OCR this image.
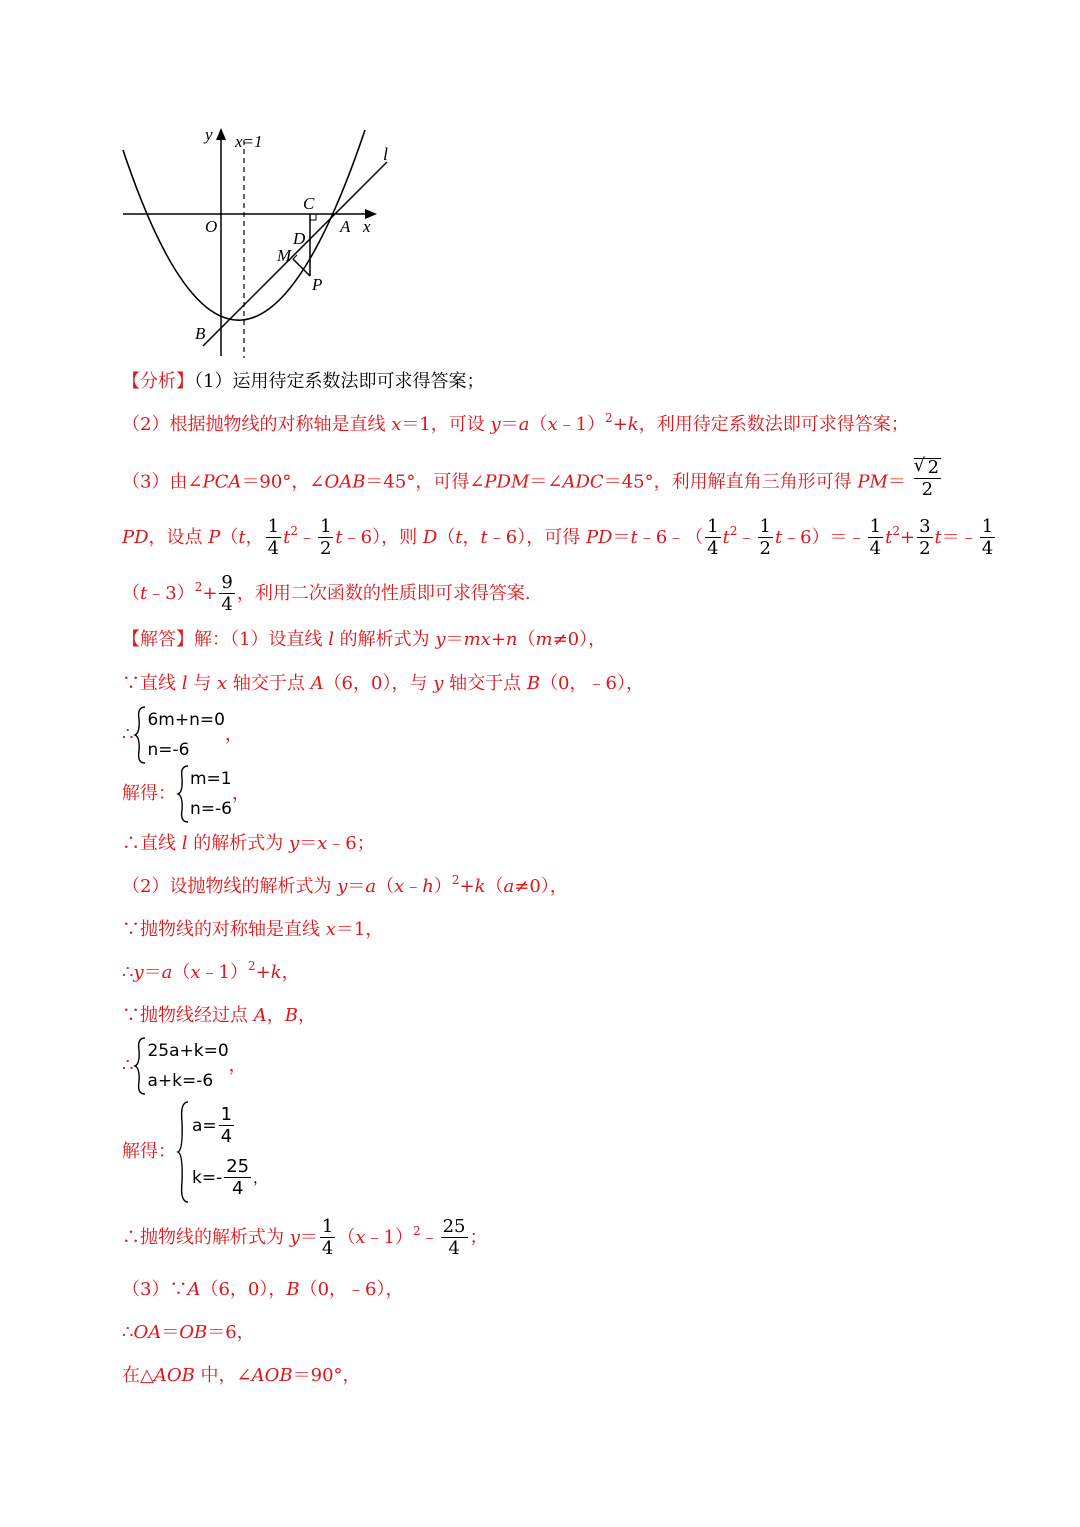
y x=1
l
C
O	A x
D
M
P
B
【分析】（1）运用待定系数法即可求得答案；
（2）根据抛物线的对称轴是直线 x＝1，可设 y＝a（x﹣1）$^2$+k，利用待定系数法即可求得答案；
（3）由∠PCA＝90°，∠OAB＝45°，可得∠PDM＝∠ADC＝45°，利用解直角三角形可得 $PM= \frac{√ 2}{2}$
PD，设点 P（t， $\frac{1}{4}$ $t^2﹣ \frac{1}{2}$ t﹣6），则 D（t，t﹣6），可得 PD＝t﹣6﹣（ $\frac{1}{4}$ $t^2﹣ \frac{1}{2}$ t﹣6）＝﹣ $\frac{1}{4} t^2+ \frac{3}{2}$ t＝﹣ $\frac{1}{4}$
（t﹣3）$^2$+ $\frac{9}{4}$ ，利用二次函数的性质即可求得答案.
【解答】解：（1）设直线 l 的解析式为 y＝mx+n（m≠0），
∵直线 l 与 x 轴交于点 A（6，0），与 y 轴交于点 B（0，﹣6），
∴
6m+n=0
n=-6
，
解得：
m=1
n=-6
，
∴直线 l 的解析式为 y＝x﹣6；
（2）设抛物线的解析式为 y＝a（x﹣h）$^2$+k（a≠0），
∵抛物线的对称轴是直线 x＝1，
∴y＝a（x﹣1）$^2$+k，
∵抛物线经过点 A，B，
∴
25a+k=0
a+k=-6
，
解得：
$a= \frac{1}{4}$
$k=- \frac{25}{4}$ ，
∴抛物线的解析式为 $y= \frac{1}{4}$ （x﹣1）$^2$﹣ $\frac{25}{4}$ ；
（3）∵A（6，0），B（0，﹣6），
∴OA＝OB＝6，
在△AOB 中，∠AOB＝90°，
